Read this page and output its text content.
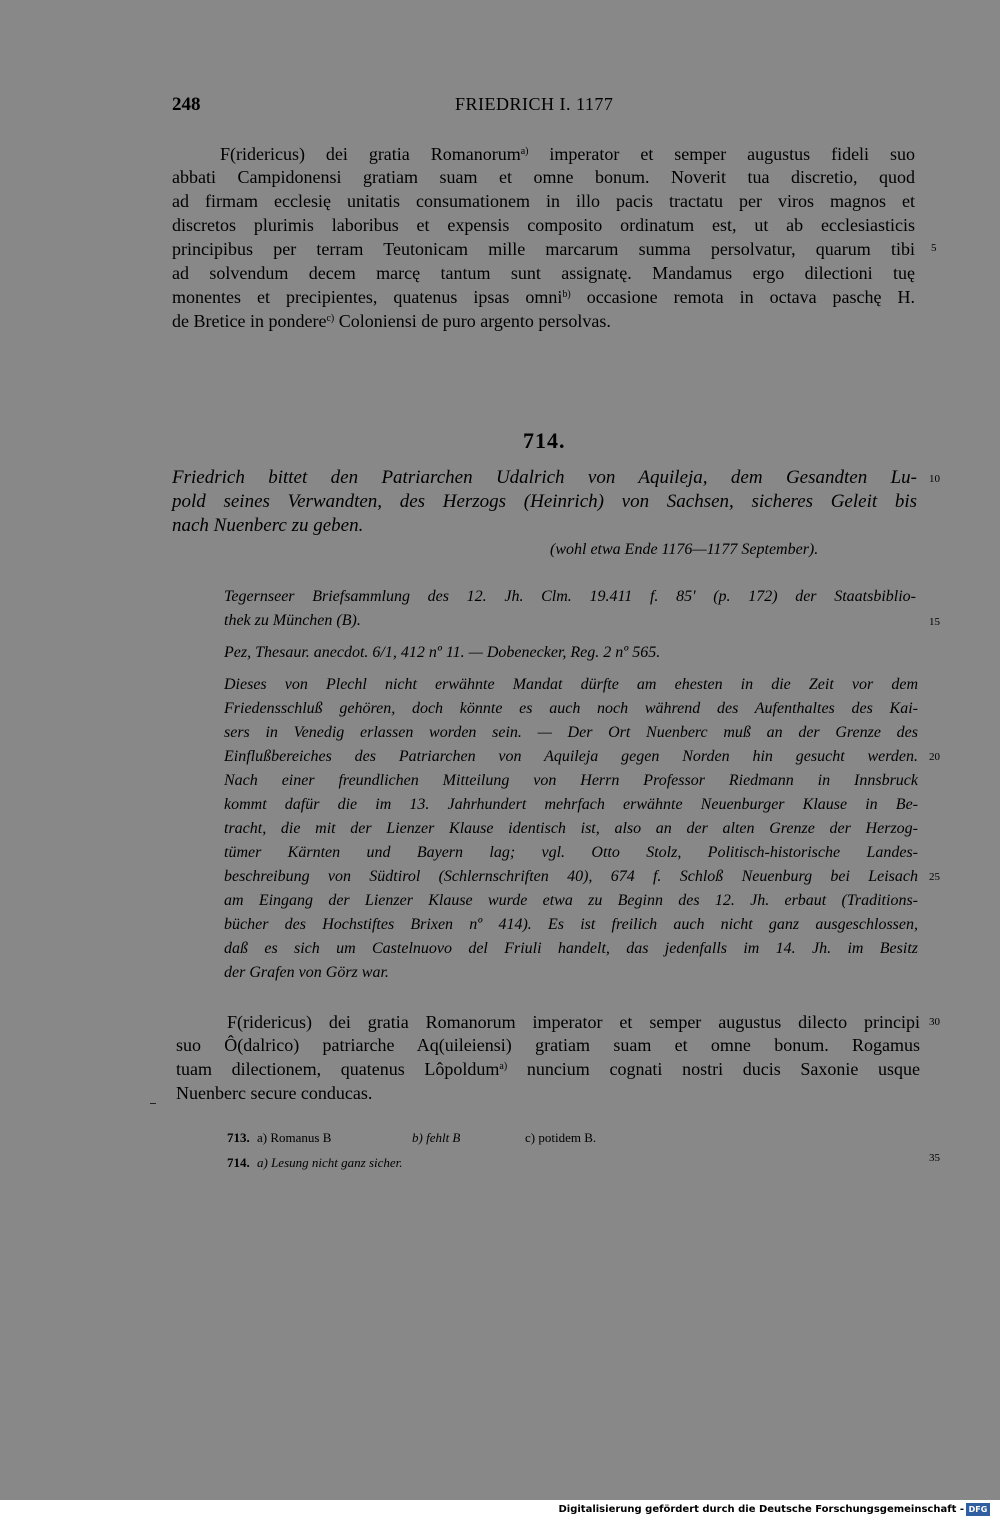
248	FRIEDRICH I. 1177
F(ridericus) dei gratia Romanorum$^{a)}$ imperator et semper augustus fideli suo
abbati Campidonensi gratiam suam et omne bonum. Noverit tua discretio, quod
ad firmam ecclesię unitatis consumationem in illo pacis tractatu per viros magnos et
discretos plurimis laboribus et expensis composito ordinatum est, ut ab ecclesiasticis
principibus per terram Teutonicam mille marcarum summa persolvatur, quarum tibi
ad solvendum decem marcę tantum sunt assignatę. Mandamus ergo dilectioni tuę
monentes et precipientes, quatenus ipsas omni$^{b)}$ occasione remota in octava paschę H.
de Bretice in pondere$^{c)}$ Coloniensi de puro argento persolvas.
714.
Friedrich bittet den Patriarchen Udalrich von Aquileja, dem Gesandten Lu-
pold seines Verwandten, des Herzogs (Heinrich) von Sachsen, sicheres Geleit bis
nach Nuenberc zu geben.
(wohl etwa Ende 1176—1177 September).
Tegernseer Briefsammlung des 12. Jh. Clm. 19.411 f. 85' (p. 172) der Staatsbiblio-
thek zu München (B).
Pez, Thesaur. anecdot. 6/1, 412 nº 11. — Dobenecker, Reg. 2 nº 565.
Dieses von Plechl nicht erwähnte Mandat dürfte am ehesten in die Zeit vor dem
Friedensschluß gehören, doch könnte es auch noch während des Aufenthaltes des Kai-
sers in Venedig erlassen worden sein. — Der Ort Nuenberc muß an der Grenze des
Einflußbereiches des Patriarchen von Aquileja gegen Norden hin gesucht werden.
Nach einer freundlichen Mitteilung von Herrn Professor Riedmann in Innsbruck
kommt dafür die im 13. Jahrhundert mehrfach erwähnte Neuenburger Klause in Be-
tracht, die mit der Lienzer Klause identisch ist, also an der alten Grenze der Herzog-
tümer Kärnten und Bayern lag; vgl. Otto Stolz, Politisch-historische Landes-
beschreibung von Südtirol (Schlernschriften 40), 674 f. Schloß Neuenburg bei Leisach
am Eingang der Lienzer Klause wurde etwa zu Beginn des 12. Jh. erbaut (Traditions-
bücher des Hochstiftes Brixen nº 414). Es ist freilich auch nicht ganz ausgeschlossen,
daß es sich um Castelnuovo del Friuli handelt, das jedenfalls im 14. Jh. im Besitz
der Grafen von Görz war.
F(ridericus) dei gratia Romanorum imperator et semper augustus dilecto principi
suo Ô(dalrico) patriarche Aq(uileiensi) gratiam suam et omne bonum. Rogamus
tuam dilectionem, quatenus Lôpoldum$^{a)}$ nuncium cognati nostri ducis Saxonie usque
Nuenberc secure conducas.
713. a) Romanus B	b) fehlt B	c) potidem B.
714. a) Lesung nicht ganz sicher.
5
10
15
20
25
30
35
Digitalisierung gefördert durch die Deutsche Forschungsgemeinschaft - DFG
